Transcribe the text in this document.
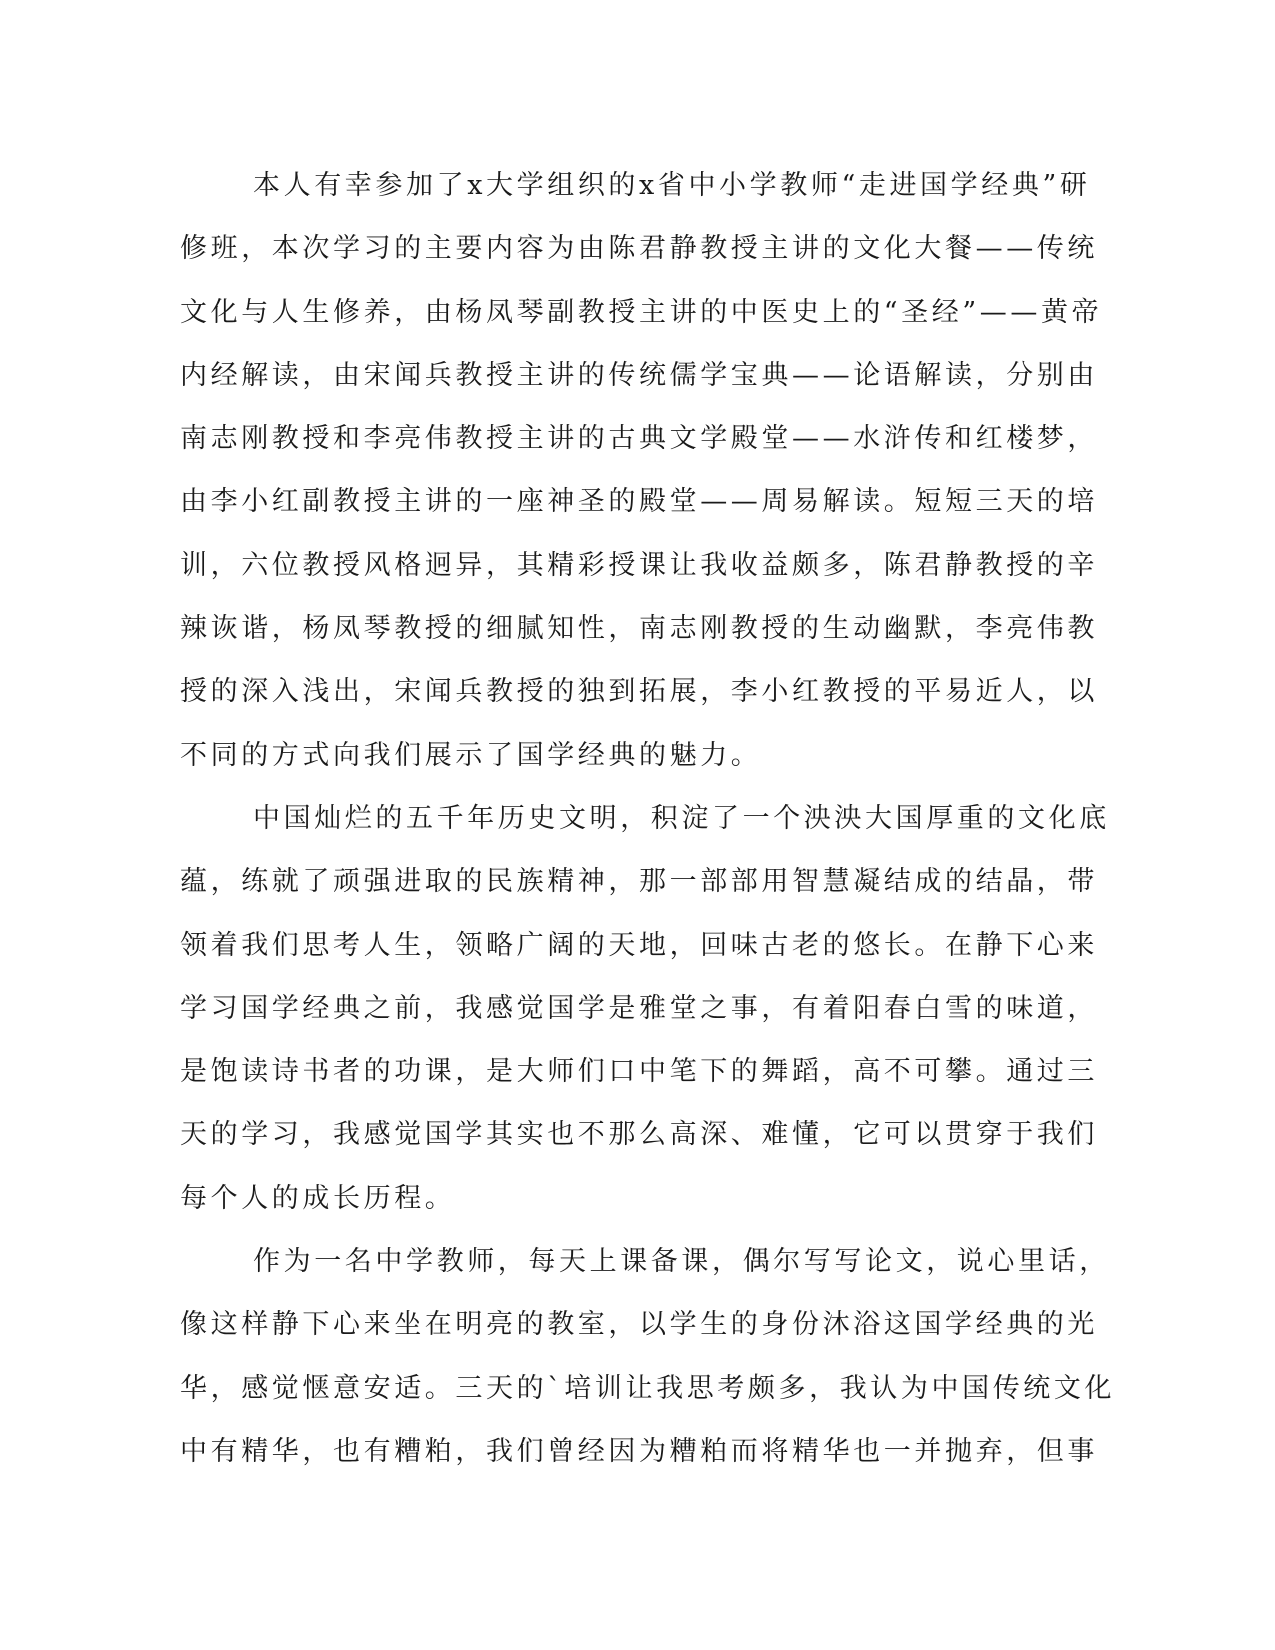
本人有幸参加了x大学组织的x省中小学教师“走进国学经典”研
修班，本次学习的主要内容为由陈君静教授主讲的文化大餐——传统
文化与人生修养，由杨凤琴副教授主讲的中医史上的“圣经”——黄帝
内经解读，由宋闻兵教授主讲的传统儒学宝典——论语解读，分别由
南志刚教授和李亮伟教授主讲的古典文学殿堂——水浒传和红楼梦，
由李小红副教授主讲的一座神圣的殿堂——周易解读。短短三天的培
训，六位教授风格迥异，其精彩授课让我收益颇多，陈君静教授的辛
辣诙谐，杨凤琴教授的细腻知性，南志刚教授的生动幽默，李亮伟教
授的深入浅出，宋闻兵教授的独到拓展，李小红教授的平易近人，以
不同的方式向我们展示了国学经典的魅力。
中国灿烂的五千年历史文明，积淀了一个泱泱大国厚重的文化底
蕴，练就了顽强进取的民族精神，那一部部用智慧凝结成的结晶，带
领着我们思考人生，领略广阔的天地，回味古老的悠长。在静下心来
学习国学经典之前，我感觉国学是雅堂之事，有着阳春白雪的味道，
是饱读诗书者的功课，是大师们口中笔下的舞蹈，高不可攀。通过三
天的学习，我感觉国学其实也不那么高深、难懂，它可以贯穿于我们
每个人的成长历程。
作为一名中学教师，每天上课备课，偶尔写写论文，说心里话，
像这样静下心来坐在明亮的教室，以学生的身份沐浴这国学经典的光
华，感觉惬意安适。三天的`培训让我思考颇多，我认为中国传统文化
中有精华，也有糟粕，我们曾经因为糟粕而将精华也一并抛弃，但事
